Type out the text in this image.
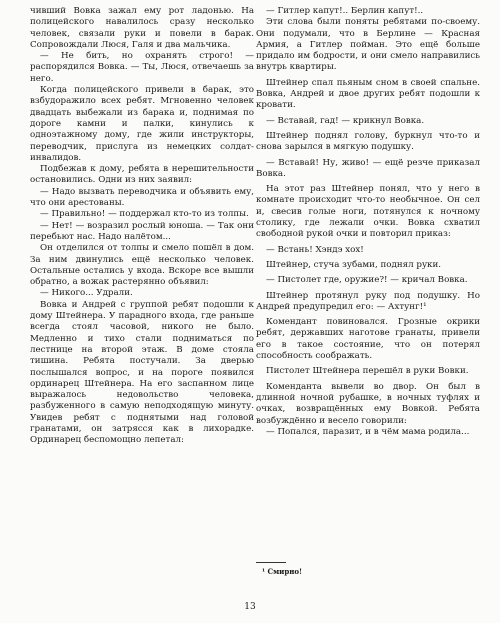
чивший Вовка зажал ему рот ладонью. На полицейского навалилось сразу несколько человек, связали руки и повели в барак. Сопровождали Люся, Галя и два мальчика.

— Не бить, но охранять строго! — распорядился Вовка. — Ты, Люся, отвечаешь за него.

Когда полицейского привели в барак, это взбудоражило всех ребят. Мгновенно человек двадцать выбежали из барака и, поднимая по дороге камни и палки, кинулись к одноэтажному дому, где жили инструкторы, переводчик, прислуга из немецких солдат-инвалидов.

Подбежав к дому, ребята в нерешительности остановились. Одни из них заявил:

— Надо вызвать переводчика и объявить ему, что они арестованы.

— Правильно! — поддержал кто-то из толпы.

— Нет! — возразил рослый юноша. — Так они перебьют нас. Надо налётом...

Он отделился от толпы и смело пошёл в дом. За ним двинулись ещё несколько человек. Остальные остались у входа. Вскоре все вышли обратно, а вожак растерянно объявил:

— Никого... Удрали.

Вовка и Андрей с группой ребят подошли к дому Штейнера. У парадного входа, где раньше всегда стоял часовой, никого не было. Медленно и тихо стали подниматься по лестнице на второй этаж. В доме стояла тишина. Ребята постучали. За дверью послышался вопрос, и на пороге появился ординарец Штейнера. На его заспанном лице выражалось недовольство человека, разбуженного в самую неподходящую минуту. Увидев ребят с поднятыми над головой гранатами, он затрясся как в лихорадке. Ординарец беспомощно лепетал:

— Гитлер капут!.. Берлин капут!..

Эти слова были поняты ребятами по-своему. Они подумали, что в Берлине — Красная Армия, а Гитлер пойман. Это ещё больше придало им бодрости, и они смело направились внутрь квартиры.

Штейнер спал пьяным сном в своей спальне. Вовка, Андрей и двое других ребят подошли к кровати.

— Вставай, гад! — крикнул Вовка.

Штейнер поднял голову, буркнул что-то и снова зарылся в мягкую подушку.

— Вставай! Ну, живо! — ещё резче приказал Вовка.

На этот раз Штейнер понял, что у него в комнате происходит что-то необычное. Он сел и, свесив голые ноги, потянулся к ночному столику, где лежали очки. Вовка схватил свободной рукой очки и повторил приказ:

— Встань! Хэндэ хох!

Штейнер, стуча зубами, поднял руки.

— Пистолет где, оружие?! — кричал Вовка.

Штейнер протянул руку под подушку. Но Андрей предупредил его: — Ахтунг!¹

Комендант повиновался. Грозные окрики ребят, державших наготове гранаты, привели его в такое состояние, что он потерял способность соображать.

Пистолет Штейнера перешёл в руки Вовки.

Коменданта вывели во двор. Он был в длинной ночной рубашке, в ночных туфлях и очках, возвращённых ему Вовкой. Ребята возбуждённо и весело говорили:

— Попался, паразит, и в чём мама родила...

¹ Смирно!
13
